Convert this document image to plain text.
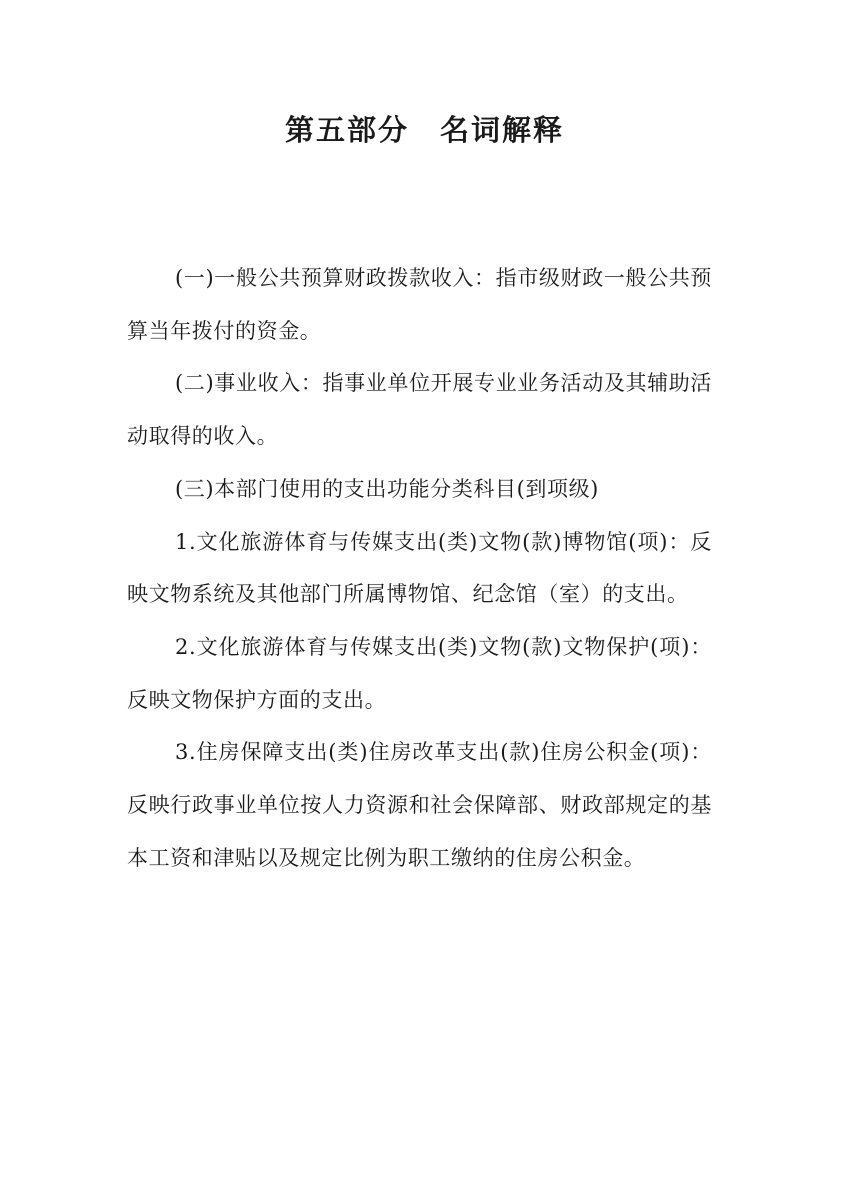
第五部分　名词解释

(一)一般公共预算财政拨款收入：指市级财政一般公共预算当年拨付的资金。

(二)事业收入：指事业单位开展专业业务活动及其辅助活动取得的收入。

(三)本部门使用的支出功能分类科目(到项级)

1.文化旅游体育与传媒支出(类)文物(款)博物馆(项)：反映文物系统及其他部门所属博物馆、纪念馆（室）的支出。

2.文化旅游体育与传媒支出(类)文物(款)文物保护(项)：反映文物保护方面的支出。

3.住房保障支出(类)住房改革支出(款)住房公积金(项)：反映行政事业单位按人力资源和社会保障部、财政部规定的基本工资和津贴以及规定比例为职工缴纳的住房公积金。
